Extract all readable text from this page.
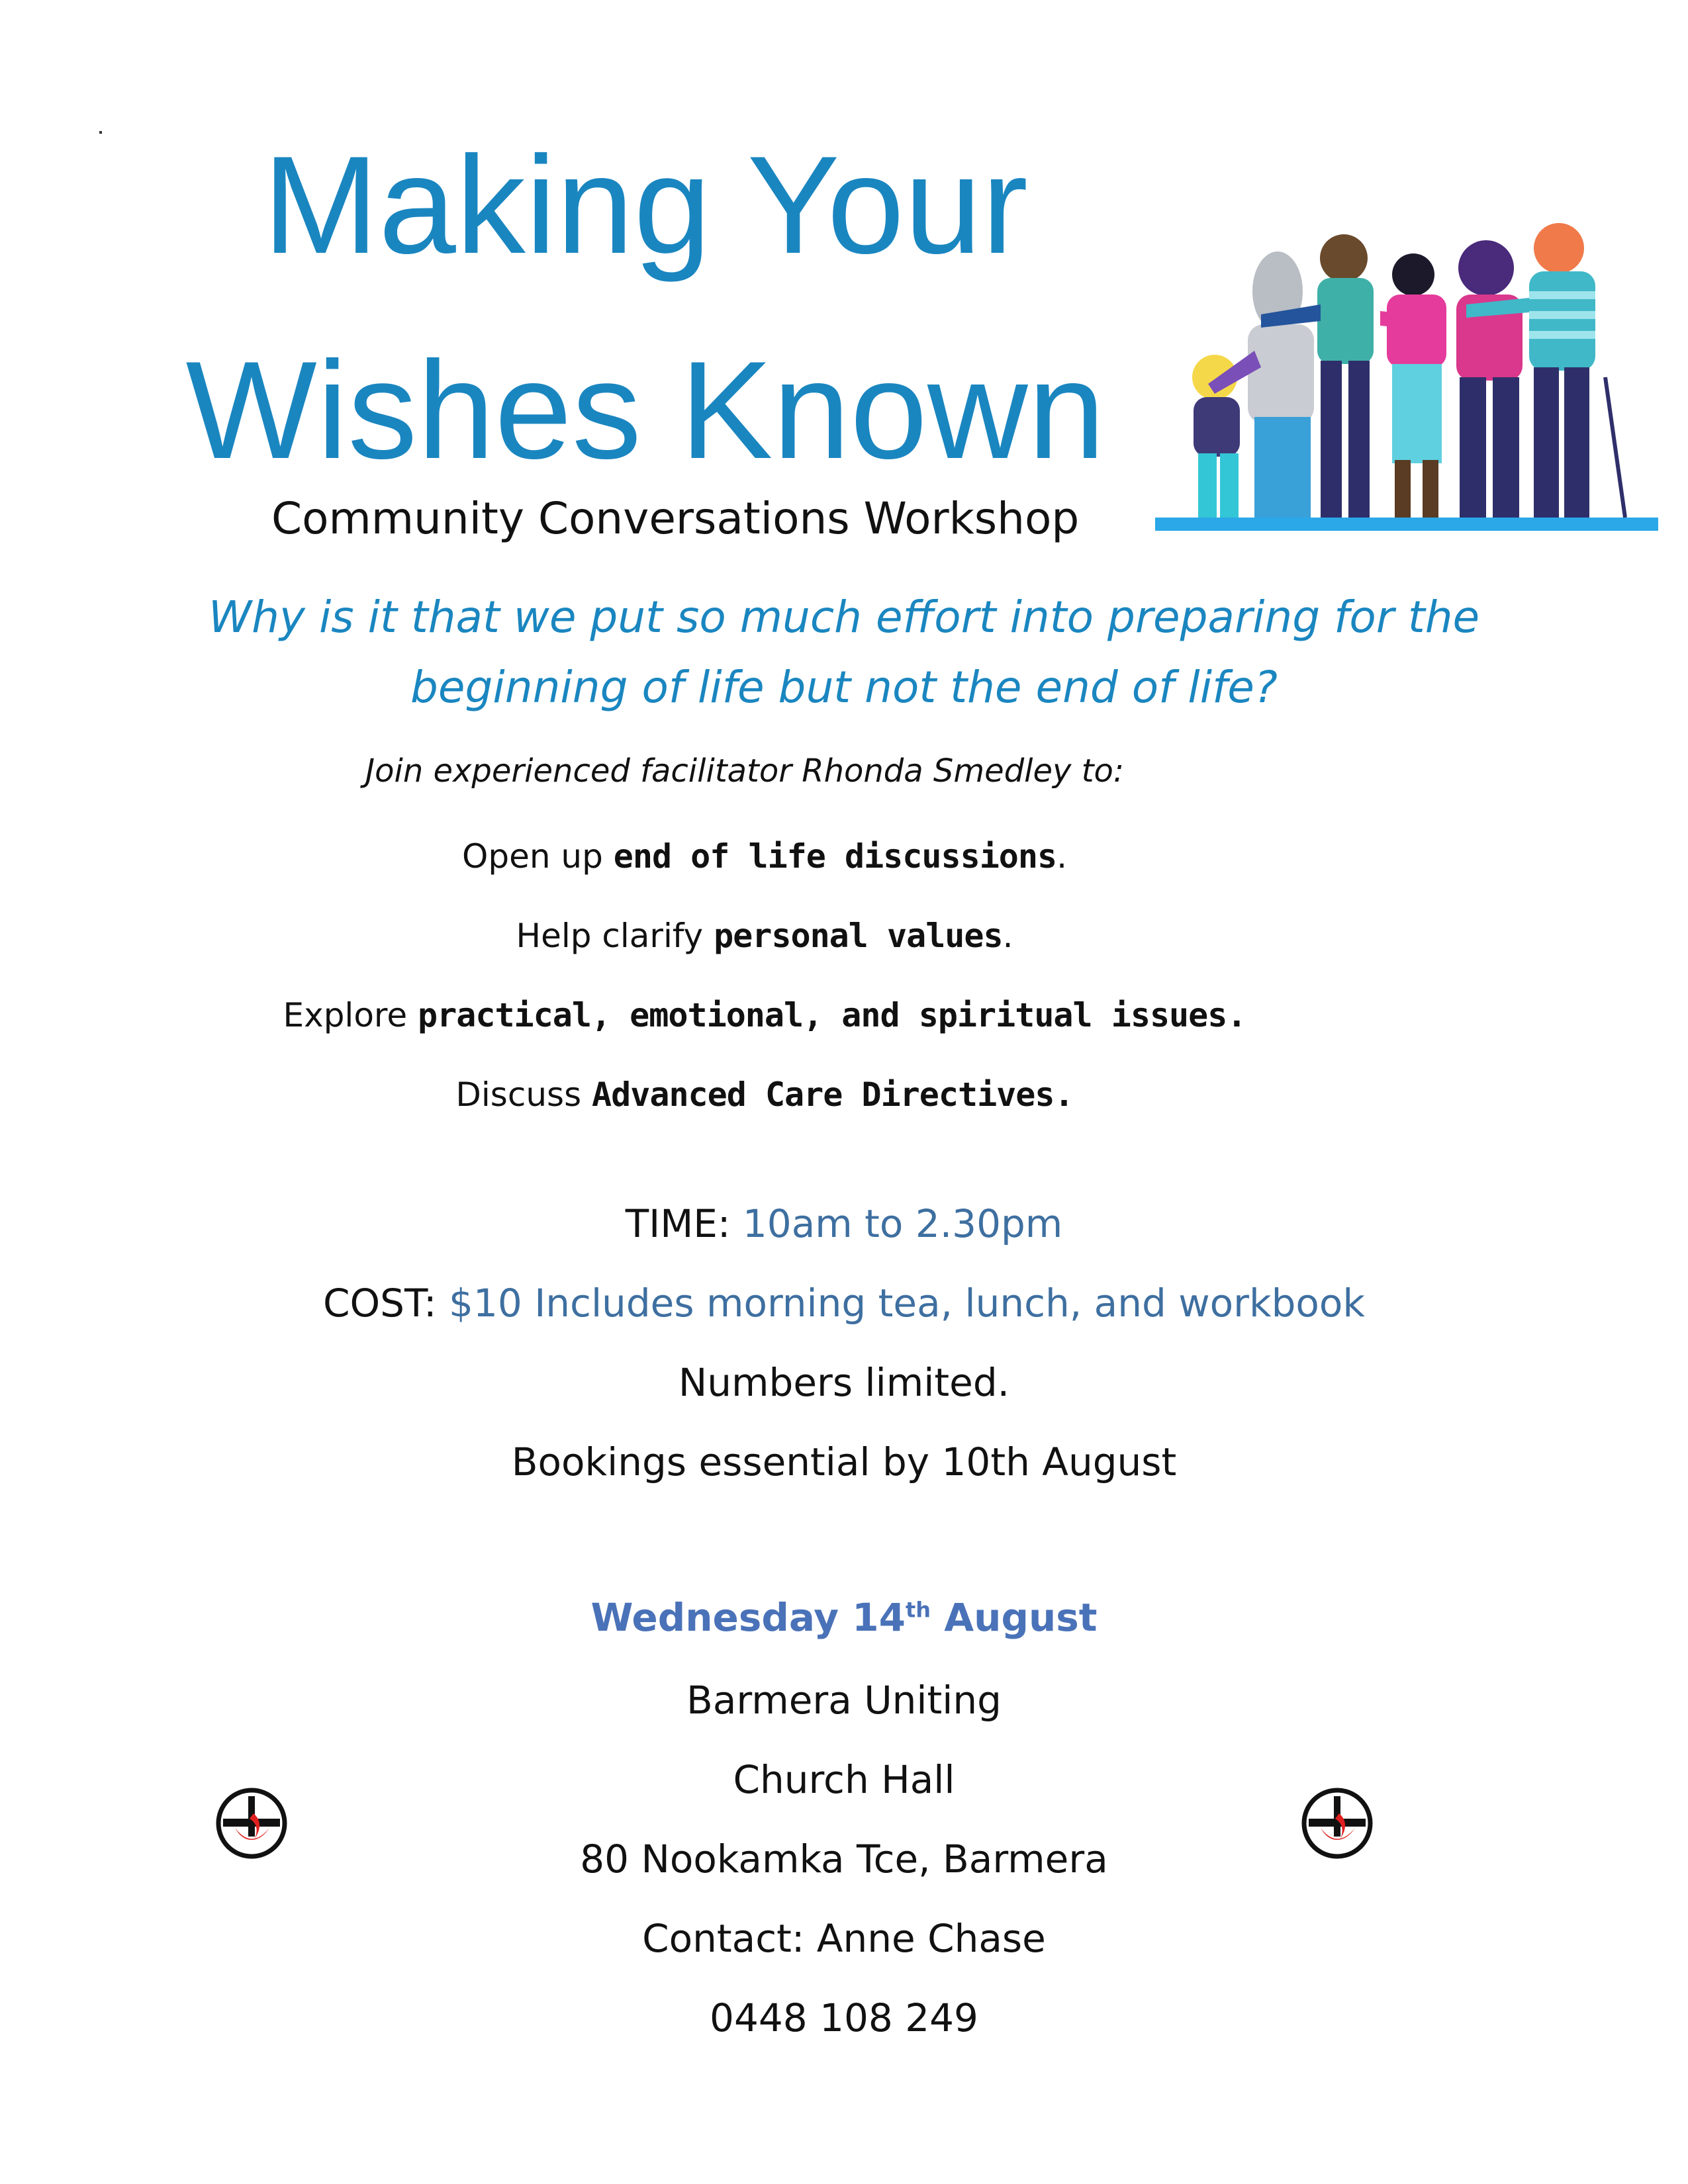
Making Your
Wishes Known
Community Conversations Workshop
Why is it that we put so much effort into preparing for the beginning of life but not the end of life?
Join experienced facilitator Rhonda Smedley to:
Open up end of life discussions.
Help clarify personal values.
Explore practical, emotional, and spiritual issues.
Discuss Advanced Care Directives.
TIME: 10am to 2.30pm
COST: $10 Includes morning tea, lunch, and workbook
Numbers limited.
Bookings essential by 10th August
Wednesday 14th August
Barmera Uniting
Church Hall
80 Nookamka Tce, Barmera
Contact: Anne Chase
0448 108 249
